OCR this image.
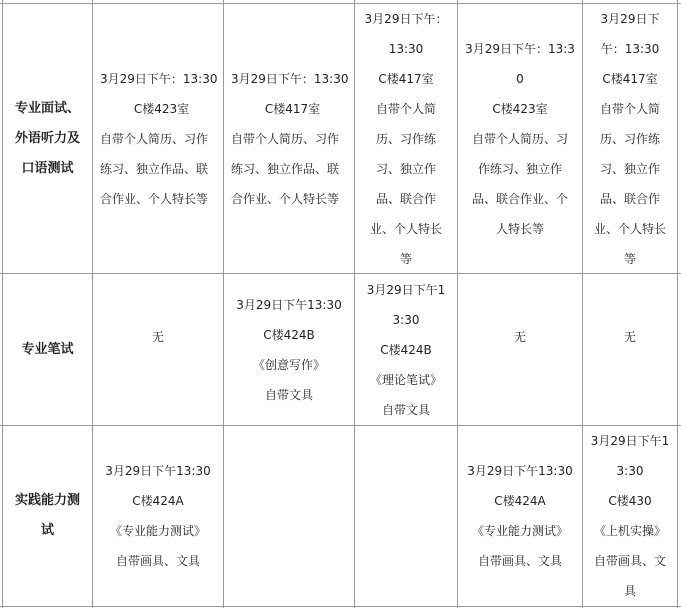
专业面试、
外语听力及
口语测试
3月29日下午：13:30
C楼423室
自带个人简历、习作
练习、独立作品、联
合作业、个人特长等
3月29日下午：13:30
C楼417室
自带个人简历、习作
练习、独立作品、联
合作业、个人特长等
3月29日下午：
13:30
C楼417室
自带个人简
历、习作练
习、独立作
品、联合作
业、个人特长
等
3月29日下午：13:3
0
C楼423室
自带个人简历、习
作练习、独立作
品、联合作业、个
人特长等
3月29日下
午：13:30
C楼417室
自带个人简
历、习作练
习、独立作
品、联合作
业、个人特长
等
专业笔试
无
3月29日下午13:30
C楼424B
《创意写作》
自带文具
3月29日下午1
3:30
C楼424B
《理论笔试》
自带文具
无	无
实践能力测
试
3月29日下午13:30
C楼424A
《专业能力测试》
自带画具、文具
3月29日下午13:30
C楼424A
《专业能力测试》
自带画具、文具
3月29日下午1
3:30
C楼430
《上机实操》
自带画具、文
具
